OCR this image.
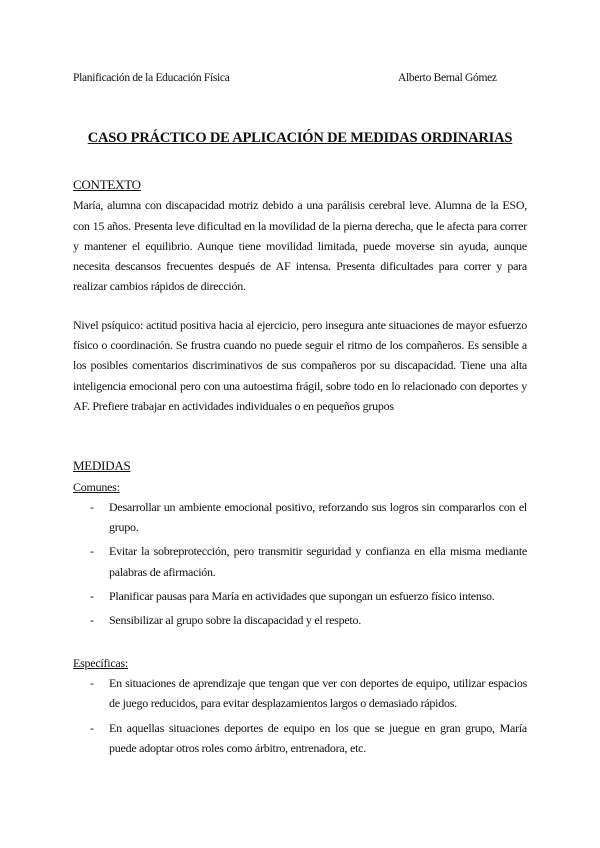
Planificación de la Educación Física	Alberto Bernal Gómez
CASO PRÁCTICO DE APLICACIÓN DE MEDIDAS ORDINARIAS
CONTEXTO

María, alumna con discapacidad motriz debido a una parálisis cerebral leve. Alumna de la ESO, con 15 años. Presenta leve dificultad en la movilidad de la pierna derecha, que le afecta para correr y mantener el equilibrio. Aunque tiene movilidad limitada, puede moverse sin ayuda, aunque necesita descansos frecuentes después de AF intensa. Presenta dificultades para correr y para realizar cambios rápidos de dirección.

Nivel psíquico: actitud positiva hacia al ejercicio, pero insegura ante situaciones de mayor esfuerzo físico o coordinación. Se frustra cuando no puede seguir el ritmo de los compañeros. Es sensible a los posibles comentarios discriminativos de sus compañeros por su discapacidad. Tiene una alta inteligencia emocional pero con una autoestima frágil, sobre todo en lo relacionado con deportes y AF. Prefiere trabajar en actividades individuales o en pequeños grupos

MEDIDAS
Comunes:
- Desarrollar un ambiente emocional positivo, reforzando sus logros sin compararlos con el grupo.
- Evitar la sobreprotección, pero transmitir seguridad y confianza en ella misma mediante palabras de afirmación.
- Planificar pausas para María en actividades que supongan un esfuerzo físico intenso.
- Sensibilizar al grupo sobre la discapacidad y el respeto.
Específicas:
- En situaciones de aprendizaje que tengan que ver con deportes de equipo, utilizar espacios de juego reducidos, para evitar desplazamientos largos o demasiado rápidos.
- En aquellas situaciones deportes de equipo en los que se juegue en gran grupo, María puede adoptar otros roles como árbitro, entrenadora, etc.
